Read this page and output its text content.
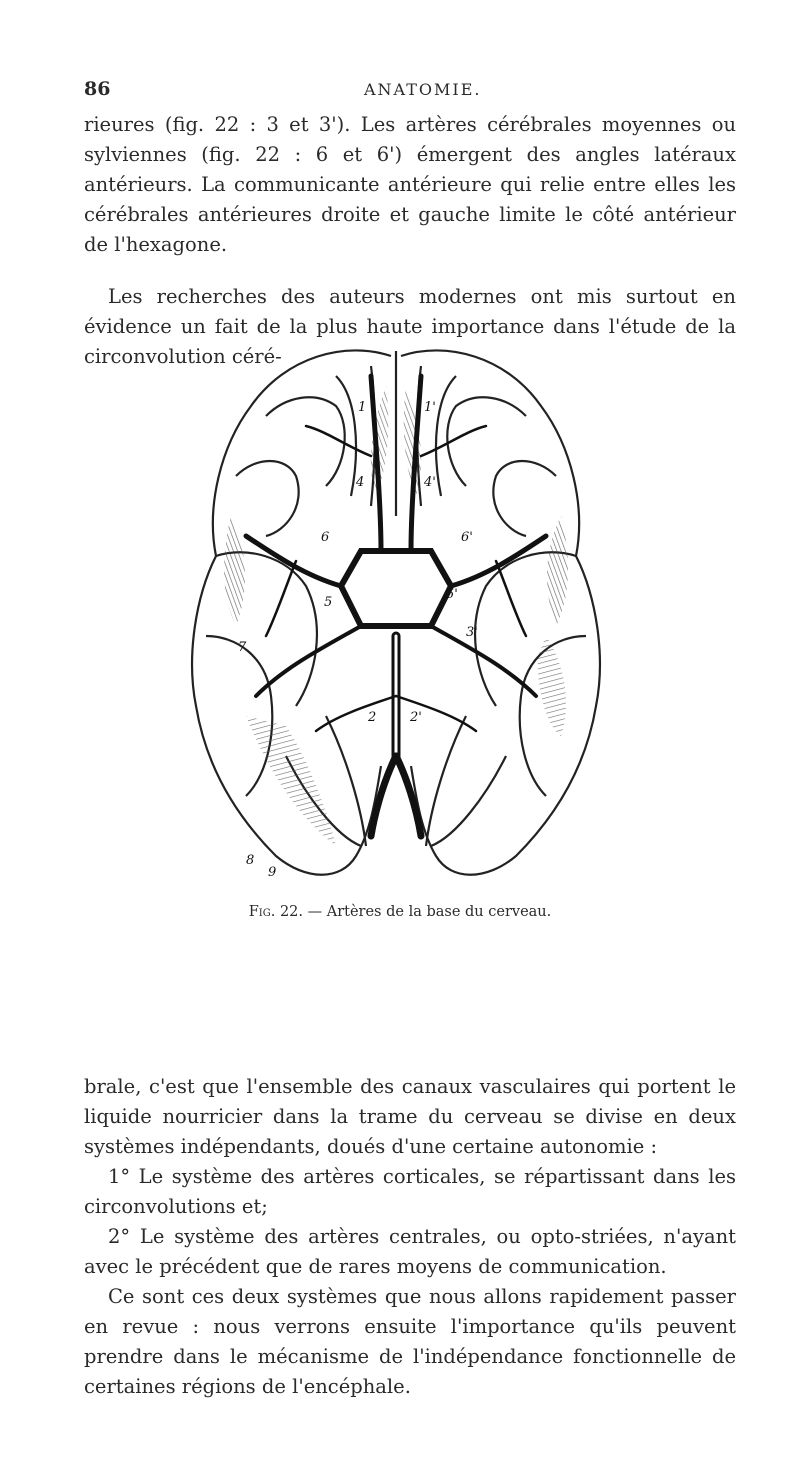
86	ANATOMIE.

rieures (fig. 22 : 3 et 3'). Les artères cérébrales moyennes ou sylviennes (fig. 22 : 6 et 6') émergent des angles latéraux antérieurs. La communicante antérieure qui relie entre elles les cérébrales antérieures droite et gauche limite le côté antérieur de l'hexagone.

Les recherches des auteurs modernes ont mis surtout en évidence un fait de la plus haute importance dans l'étude de la circonvolution céré-

1	1'
4	4'
6	6'
5
5'
3'
7
2	2'
8
9
Fig. 22. — Artères de la base du cerveau.

brale, c'est que l'ensemble des canaux vasculaires qui portent le liquide nourricier dans la trame du cerveau se divise en deux systèmes indépendants, doués d'une certaine autonomie :

1° Le système des artères corticales, se répartissant dans les circonvolutions et;

2° Le système des artères centrales, ou opto-striées, n'ayant avec le précédent que de rares moyens de communication.

Ce sont ces deux systèmes que nous allons rapidement passer en revue : nous verrons ensuite l'importance qu'ils peuvent prendre dans le mécanisme de l'indépendance fonctionnelle de certaines régions de l'encéphale.
